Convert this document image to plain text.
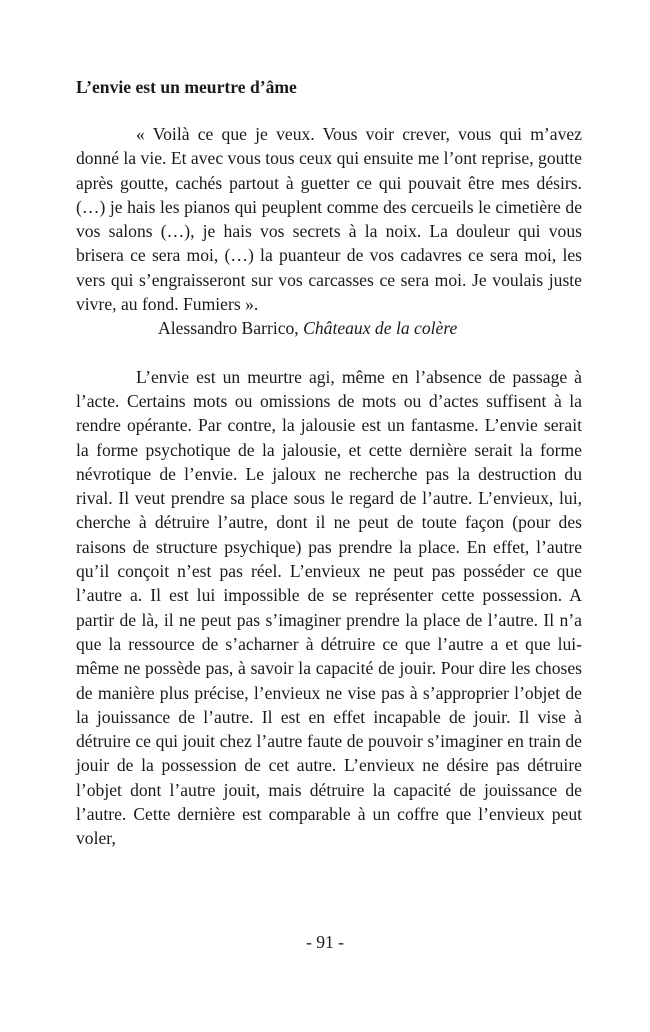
L’envie est un meurtre d’âme

« Voilà ce que je veux. Vous voir crever, vous qui m’avez donné la vie. Et avec vous tous ceux qui ensuite me l’ont reprise, goutte après goutte, cachés partout à guetter ce qui pouvait être mes désirs. (…) je hais les pianos qui peuplent comme des cercueils le cimetière de vos salons (…), je hais vos secrets à la noix. La douleur qui vous brisera ce sera moi, (…) la puanteur de vos cadavres ce sera moi, les vers qui s’engraisseront sur vos carcasses ce sera moi. Je voulais juste vivre, au fond. Fumiers ».

Alessandro Barrico, Châteaux de la colère

L’envie est un meurtre agi, même en l’absence de passage à l’acte. Certains mots ou omissions de mots ou d’actes suffisent à la rendre opérante. Par contre, la jalousie est un fantasme. L’envie serait la forme psychotique de la jalousie, et cette dernière serait la forme névrotique de l’envie. Le jaloux ne recherche pas la destruction du rival. Il veut prendre sa place sous le regard de l’autre. L’envieux, lui, cherche à détruire l’autre, dont il ne peut de toute façon (pour des raisons de structure psychique) pas prendre la place. En effet, l’autre qu’il conçoit n’est pas réel. L’envieux ne peut pas posséder ce que l’autre a. Il est lui impossible de se représenter cette possession. A partir de là, il ne peut pas s’imaginer prendre la place de l’autre. Il n’a que la ressource de s’acharner à détruire ce que l’autre a et que lui-même ne possède pas, à savoir la capacité de jouir. Pour dire les choses de manière plus précise, l’envieux ne vise pas à s’approprier l’objet de la jouissance de l’autre. Il est en effet incapable de jouir. Il vise à détruire ce qui jouit chez l’autre faute de pouvoir s’imaginer en train de jouir de la possession de cet autre. L’envieux ne désire pas détruire l’objet dont l’autre jouit, mais détruire la capacité de jouissance de l’autre. Cette dernière est comparable à un coffre que l’envieux peut voler,

- 91 -
